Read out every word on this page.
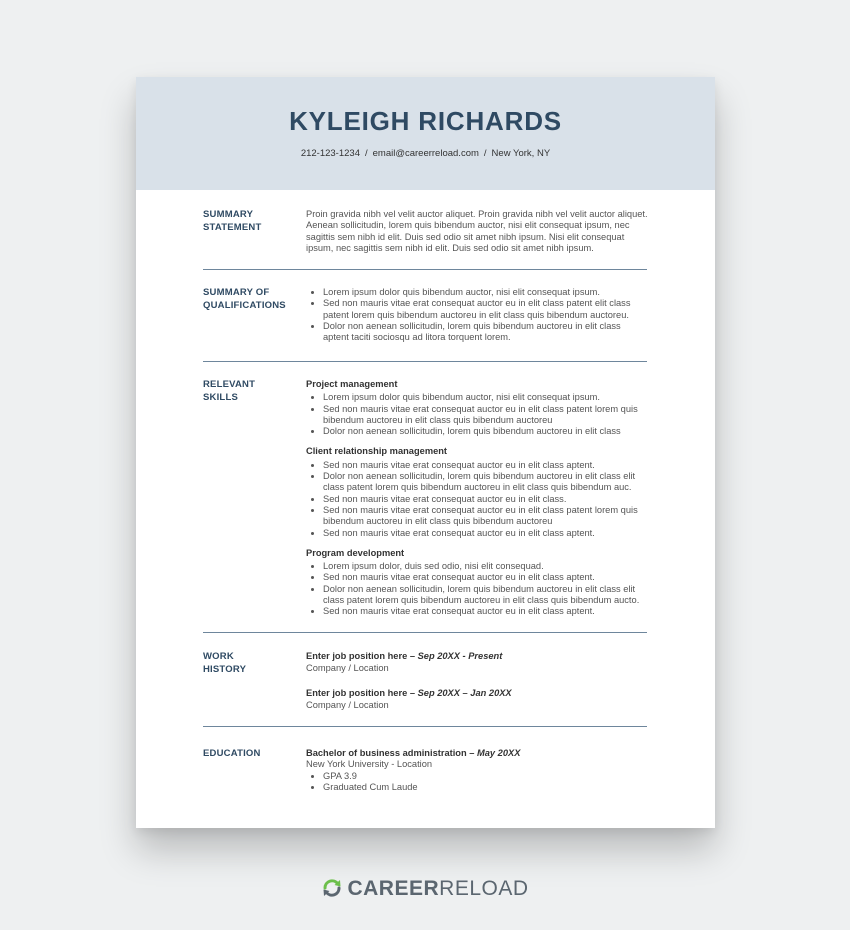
KYLEIGH RICHARDS
212-123-1234 / email@careerreload.com / New York, NY
SUMMARY
STATEMENT

Proin gravida nibh vel velit auctor aliquet. Proin gravida nibh vel velit auctor aliquet. Aenean sollicitudin, lorem quis bibendum auctor, nisi elit consequat ipsum, nec sagittis sem nibh id elit. Duis sed odio sit amet nibh ipsum. Nisi elit consequat ipsum, nec sagittis sem nibh id elit. Duis sed odio sit amet nibh ipsum.

SUMMARY OF
QUALIFICATIONS
• Lorem ipsum dolor quis bibendum auctor, nisi elit consequat ipsum.
• Sed non mauris vitae erat consequat auctor eu in elit class patent elit class patent lorem quis bibendum auctoreu in elit class quis bibendum auctoreu.
• Dolor non aenean sollicitudin, lorem quis bibendum auctoreu in elit class aptent taciti sociosqu ad litora torquent lorem.
RELEVANT
SKILLS
Project management
• Lorem ipsum dolor quis bibendum auctor, nisi elit consequat ipsum.
• Sed non mauris vitae erat consequat auctor eu in elit class patent lorem quis bibendum auctoreu in elit class quis bibendum auctoreu
• Dolor non aenean sollicitudin, lorem quis bibendum auctoreu in elit class
Client relationship management
• Sed non mauris vitae erat consequat auctor eu in elit class aptent.
• Dolor non aenean sollicitudin, lorem quis bibendum auctoreu in elit class elit class patent lorem quis bibendum auctoreu in elit class quis bibendum auc.
• Sed non mauris vitae erat consequat auctor eu in elit class.
• Sed non mauris vitae erat consequat auctor eu in elit class patent lorem quis bibendum auctoreu in elit class quis bibendum auctoreu
• Sed non mauris vitae erat consequat auctor eu in elit class aptent.
Program development
• Lorem ipsum dolor, duis sed odio, nisi elit consequad.
• Sed non mauris vitae erat consequat auctor eu in elit class aptent.
• Dolor non aenean sollicitudin, lorem quis bibendum auctoreu in elit class elit class patent lorem quis bibendum auctoreu in elit class quis bibendum aucto.
• Sed non mauris vitae erat consequat auctor eu in elit class aptent.
WORK
HISTORY
Enter job position here – Sep 20XX - Present
Company / Location
Enter job position here – Sep 20XX – Jan 20XX
Company / Location
EDUCATION	Bachelor of business administration – May 20XX
New York University - Location
• GPA 3.9
• Graduated Cum Laude
CAREERRELOAD
